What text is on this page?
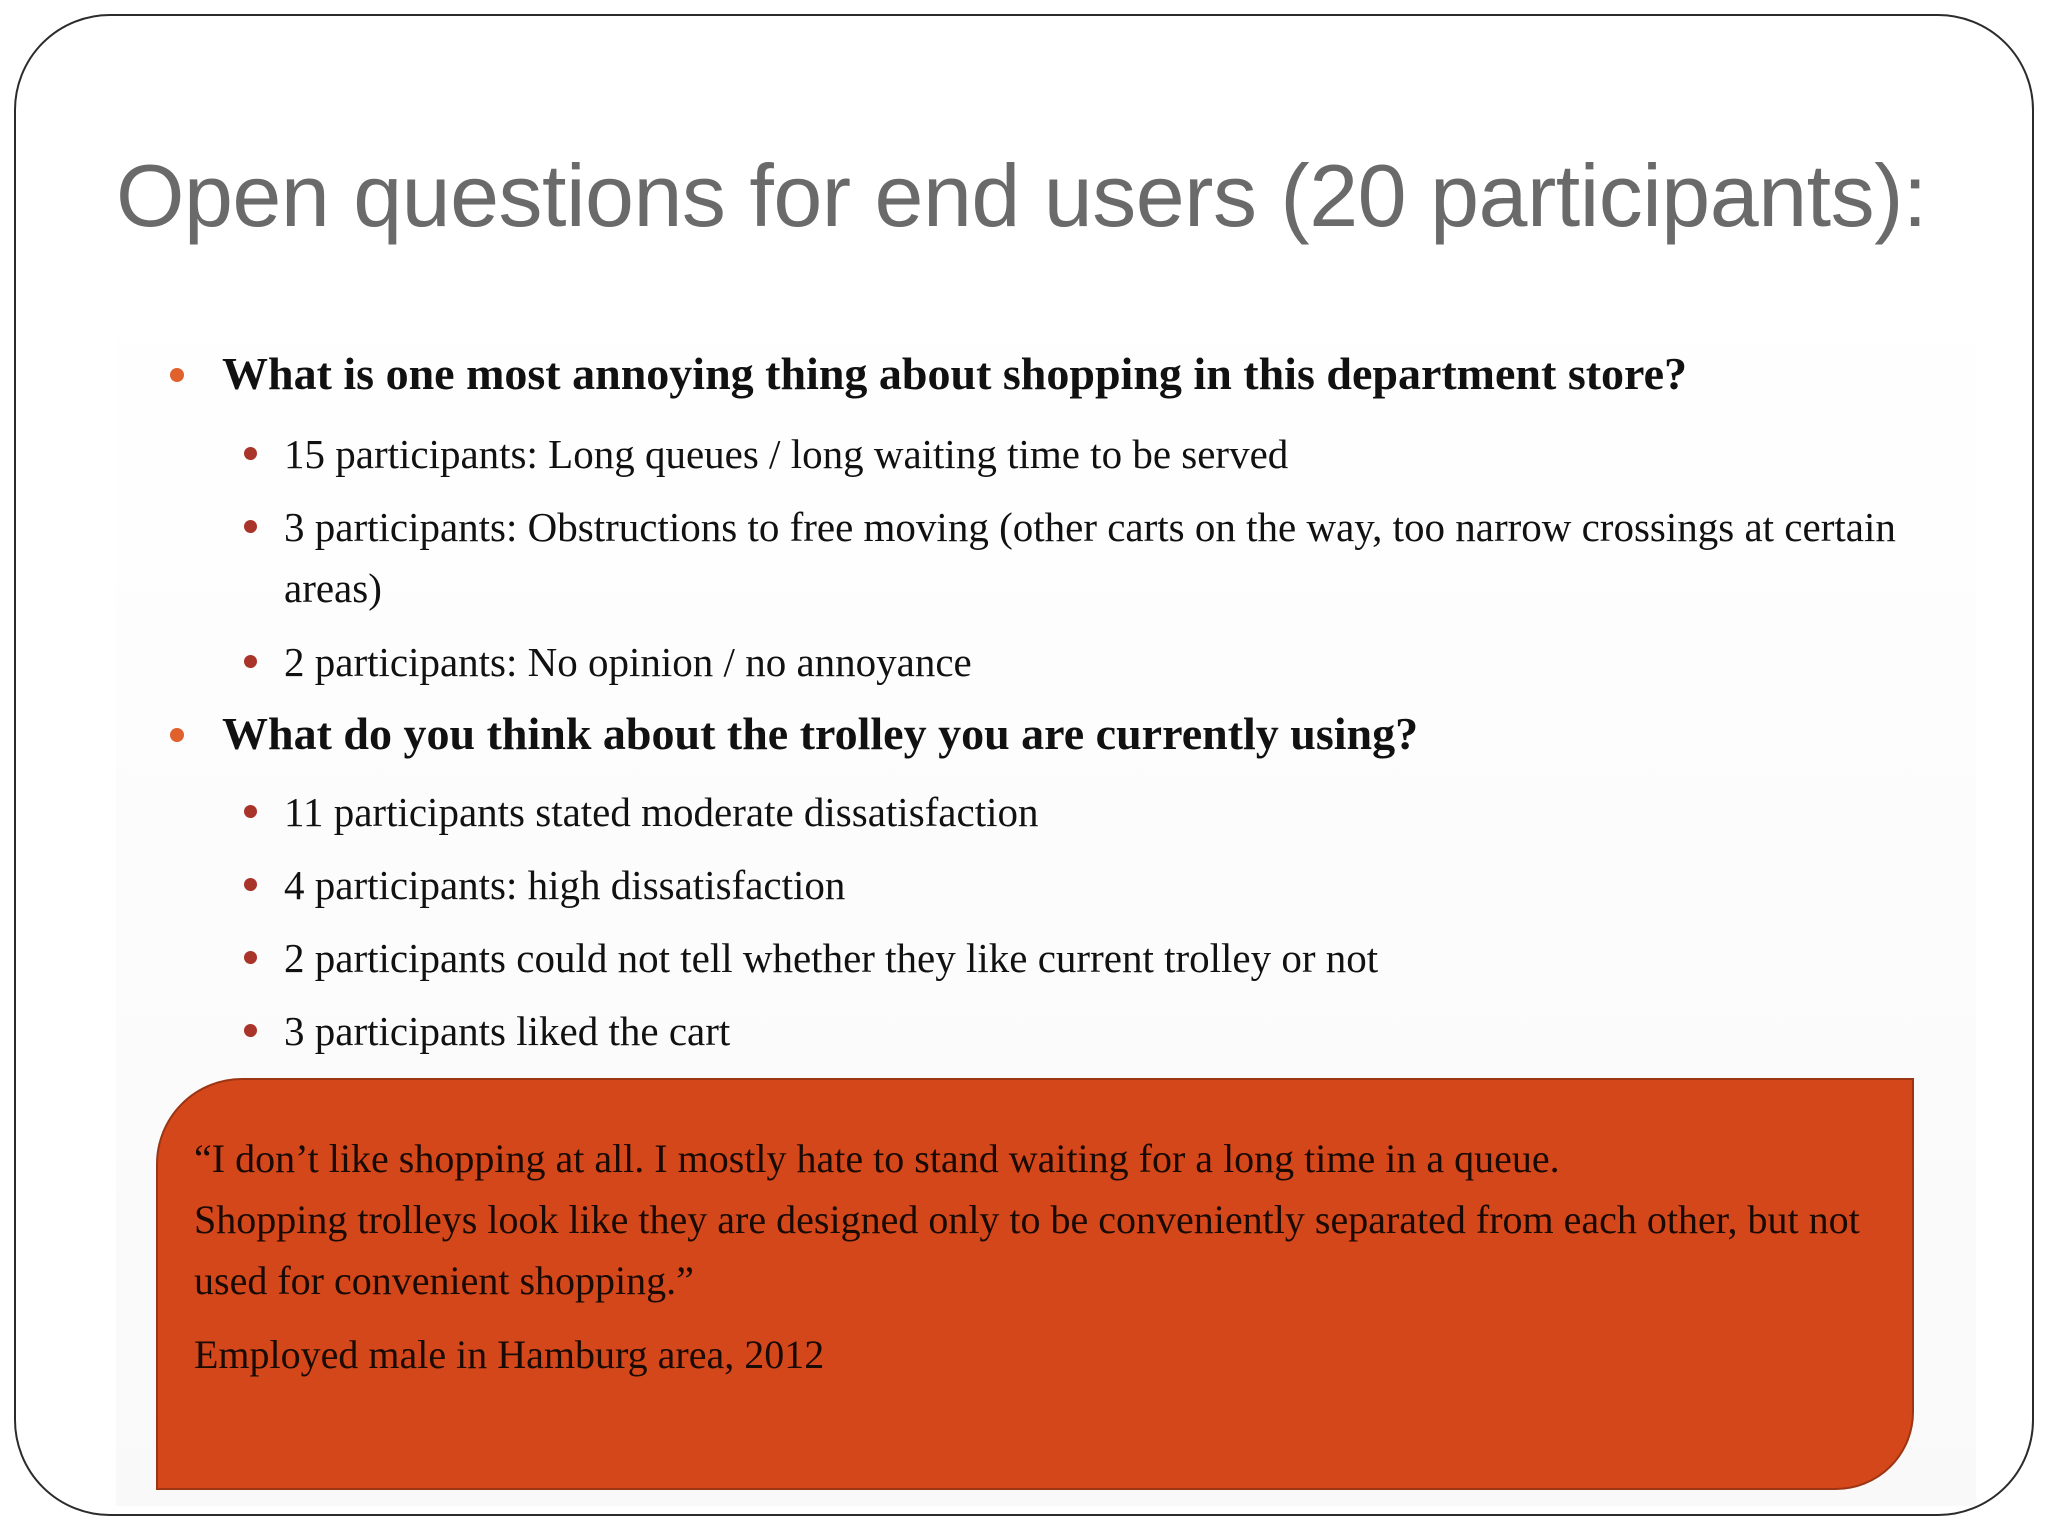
Open questions for end users (20 participants):
What is one most annoying thing about shopping in this department store?
15 participants: Long queues / long waiting time to be served
3 participants: Obstructions to free moving (other carts on the way, too narrow crossings at certain areas)
2 participants: No opinion / no annoyance
What do you think about the trolley you are currently using?
11 participants stated moderate dissatisfaction
4 participants: high dissatisfaction
2 participants could not tell whether they like current trolley or not
3 participants liked the cart
“I don’t like shopping at all. I mostly hate to stand waiting for a long time in a queue.
Shopping trolleys look like they are designed only to be conveniently separated from each other, but not used for convenient shopping.”
Employed male in Hamburg area, 2012
